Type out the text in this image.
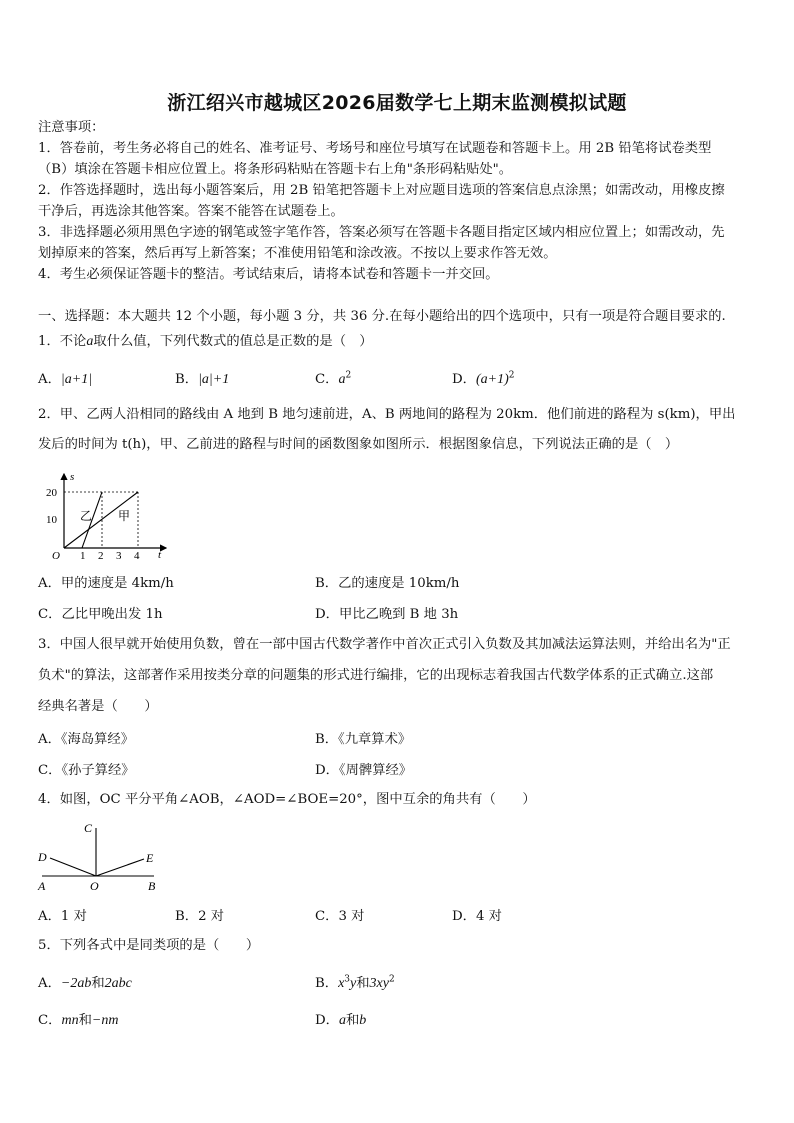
浙江绍兴市越城区2026届数学七上期末监测模拟试题
注意事项：
1．答卷前，考生务必将自己的姓名、准考证号、考场号和座位号填写在试题卷和答题卡上。用 2B 铅笔将试卷类型
（B）填涂在答题卡相应位置上。将条形码粘贴在答题卡右上角"条形码粘贴处"。
2．作答选择题时，选出每小题答案后，用 2B 铅笔把答题卡上对应题目选项的答案信息点涂黑；如需改动，用橡皮擦
干净后，再选涂其他答案。答案不能答在试题卷上。
3．非选择题必须用黑色字迹的钢笔或签字笔作答，答案必须写在答题卡各题目指定区域内相应位置上；如需改动，先
划掉原来的答案，然后再写上新答案；不准使用铅笔和涂改液。不按以上要求作答无效。
4．考生必须保证答题卡的整洁。考试结束后，请将本试卷和答题卡一并交回。
一、选择题：本大题共 12 个小题，每小题 3 分，共 36 分.在每小题给出的四个选项中，只有一项是符合题目要求的.
1．不论a取什么值，下列代数式的值总是正数的是（　）
A．|a+1|	B．|a|+1	C．$a^2$	D．$(a+1)^2$
2．甲、乙两人沿相同的路线由 A 地到 B 地匀速前进，A、B 两地间的路程为 20km．他们前进的路程为 s(km)，甲出
发后的时间为 t(h)，甲、乙前进的路程与时间的函数图象如图所示．根据图象信息，下列说法正确的是（　）
s
t
O
20
10
1 2 3 4
乙 甲
A．甲的速度是 4km/h	B．乙的速度是 10km/h
C．乙比甲晚出发 1h	D．甲比乙晚到 B 地 3h
3．中国人很早就开始使用负数，曾在一部中国古代数学著作中首次正式引入负数及其加减法运算法则，并给出名为"正
负术"的算法，这部著作采用按类分章的问题集的形式进行编排，它的出现标志着我国古代数学体系的正式确立.这部
经典名著是（　　）
A．《海岛算经》	B．《九章算术》
C．《孙子算经》	D．《周髀算经》
4．如图，OC 平分平角∠AOB，∠AOD=∠BOE=20°，图中互余的角共有（　　）
C
D	E
A	O	B
A．1 对	B．2 对	C．3 对	D．4 对
5．下列各式中是同类项的是（　　）
A．−2ab和2abc	B．$x^3y$和$3xy^2$
C．mn和−nm	D．a和b
